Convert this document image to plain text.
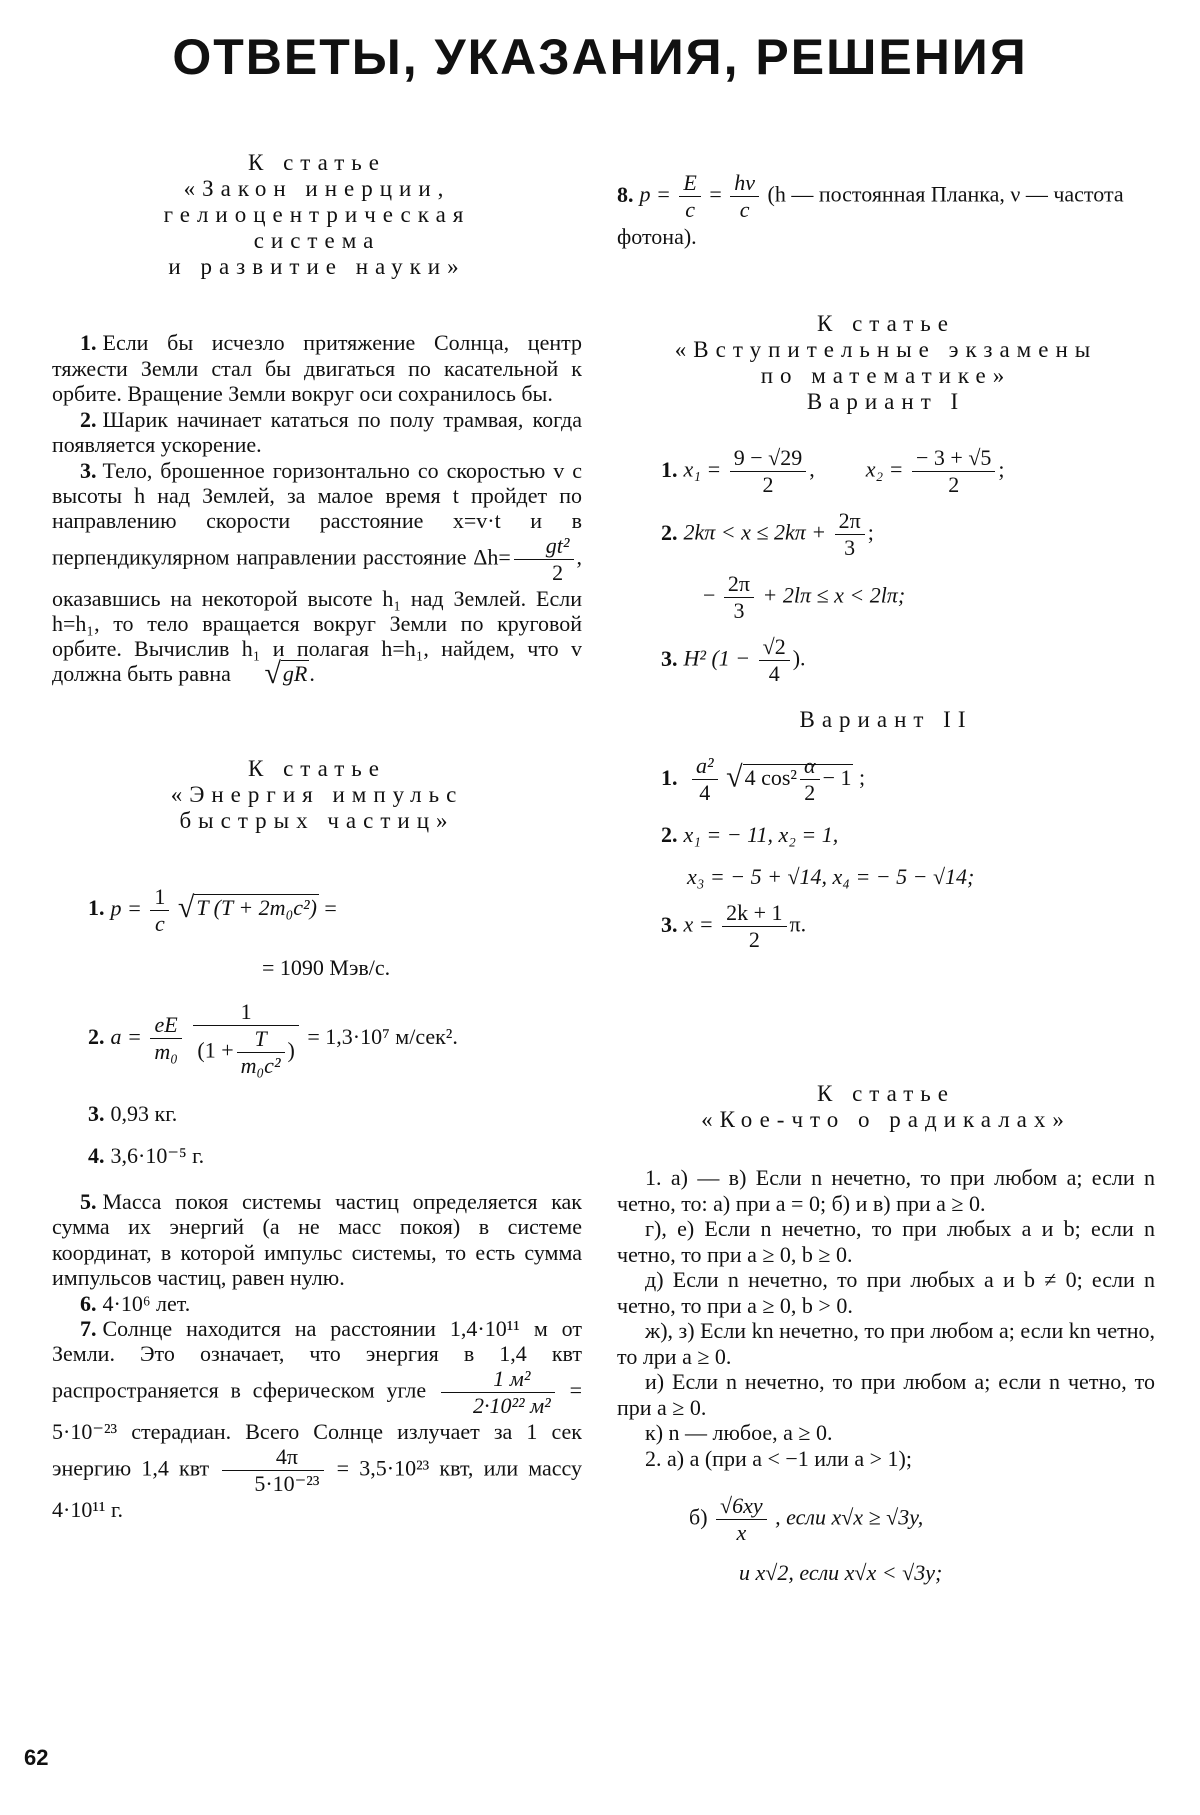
ОТВЕТЫ, УКАЗАНИЯ, РЕШЕНИЯ
К статье
«Закон инерции,
гелиоцентрическая
система
и развитие науки»

1. Если бы исчезло притяжение Солнца, центр тяжести Земли стал бы двигаться по касательной к орбите. Вращение Земли вокруг оси сохранилось бы.

2. Шарик начинает кататься по полу трамвая, когда появляется ускорение.

3. Тело, брошенное горизонтально со скоростью v с высоты h над Землей, за малое время t пройдет по направлению скорости расстояние x=v·t и в перпендикулярном направлении расстояние $\Delta h= \frac{\text{gt²}}{2}$ , оказавшись на некоторой высоте h₁ над Землей. Если h=h₁, то тело вращается вокруг Земли по круговой орбите. Вычислив h₁ и полагая h=h₁, найдем, что v должна быть равна √gR.

К статье
«Энергия импульс
быстрых частиц»
1. $p = \frac{1}{c} √T$ (T + 2m₀c²) =
= 1090 Мэв/с.
2. $a = \frac{eE}{\text{m₀}}$
$\frac{1}{(1 + \frac{T}{\text{m₀c²}} )} = 1,3\cdot 10^7$ м/сек².
3. 0,93 кг.
4. 3,6·10⁻⁵ г.

5. Масса покоя системы частиц определяется как сумма их энергий (а не масс покоя) в системе координат, в которой импульс системы, то есть сумма импульсов частиц, равен нулю.

6. 4·10⁶ лет.

7. Солнце находится на расстоянии 1,4·10¹¹ м от Земли. Это означает, что энергия в 1,4 квт распространяется в сферическом угле	1 м²
2·10²² м²
= 5·10⁻²³ стерадиан. Всего Солнце излучает за 1 сек энергию 1,4 квт $\frac{4\pi}{\text{5·10⁻²³}} = 3,5\cdot 10^{23}$ квт, или массу 4·10¹¹ г.

8. $p = \frac{E}{c} = \frac{h\nu}{c} (h$ — постоянная Планка, ν — частота фотона).
К статье
«Вступительные экзамены
по математике»
Вариант I
1. $x_1 = \frac{9 - √29}{2}$ , $x_2 = \frac{- 3 + √5}{2}$ ;
2. $2k\pi < x \le 2k\pi + \frac{2\pi}{3}$ ;
− $\frac{2\pi}{3} + 2l\pi \le x < 2l\pi$;
3. H² ($1 - \frac{√2}{4}$ ).
Вариант II
1. $\frac{\text{a²}}{4} √4$ $\cos^2 \frac{\alpha}{2} - 1$ ;
2. x₁ = − 11, x₂ = 1,
x₃ = − 5 + √14, x₄ = − 5 − √14;
3. $x = \frac{2k + 1}{2} \pi$.
К статье
«Кое-что о радикалах»

1. а) — в) Если n нечетно, то при любом a; если n четно, то: а) при a = 0; б) и в) при a ≥ 0.

г), е) Если n нечетно, то при любых a и b; если n четно, то при a ≥ 0, b ≥ 0.

д) Если n нечетно, то при любых a и b ≠ 0; если n четно, то при a ≥ 0, b > 0.

ж), з) Если kn нечетно, то при любом a; если kn четно, то лри a ≥ 0.

и) Если n нечетно, то при любом a; если n четно, то при a ≥ 0.

к) n — любое, a ≥ 0.

2. а) a (при a < −1 или a > 1);

$б) \frac{√6xy}{x}$ , если x√x ≥ √3y,
и x√2, если x√x < √3y;
62
